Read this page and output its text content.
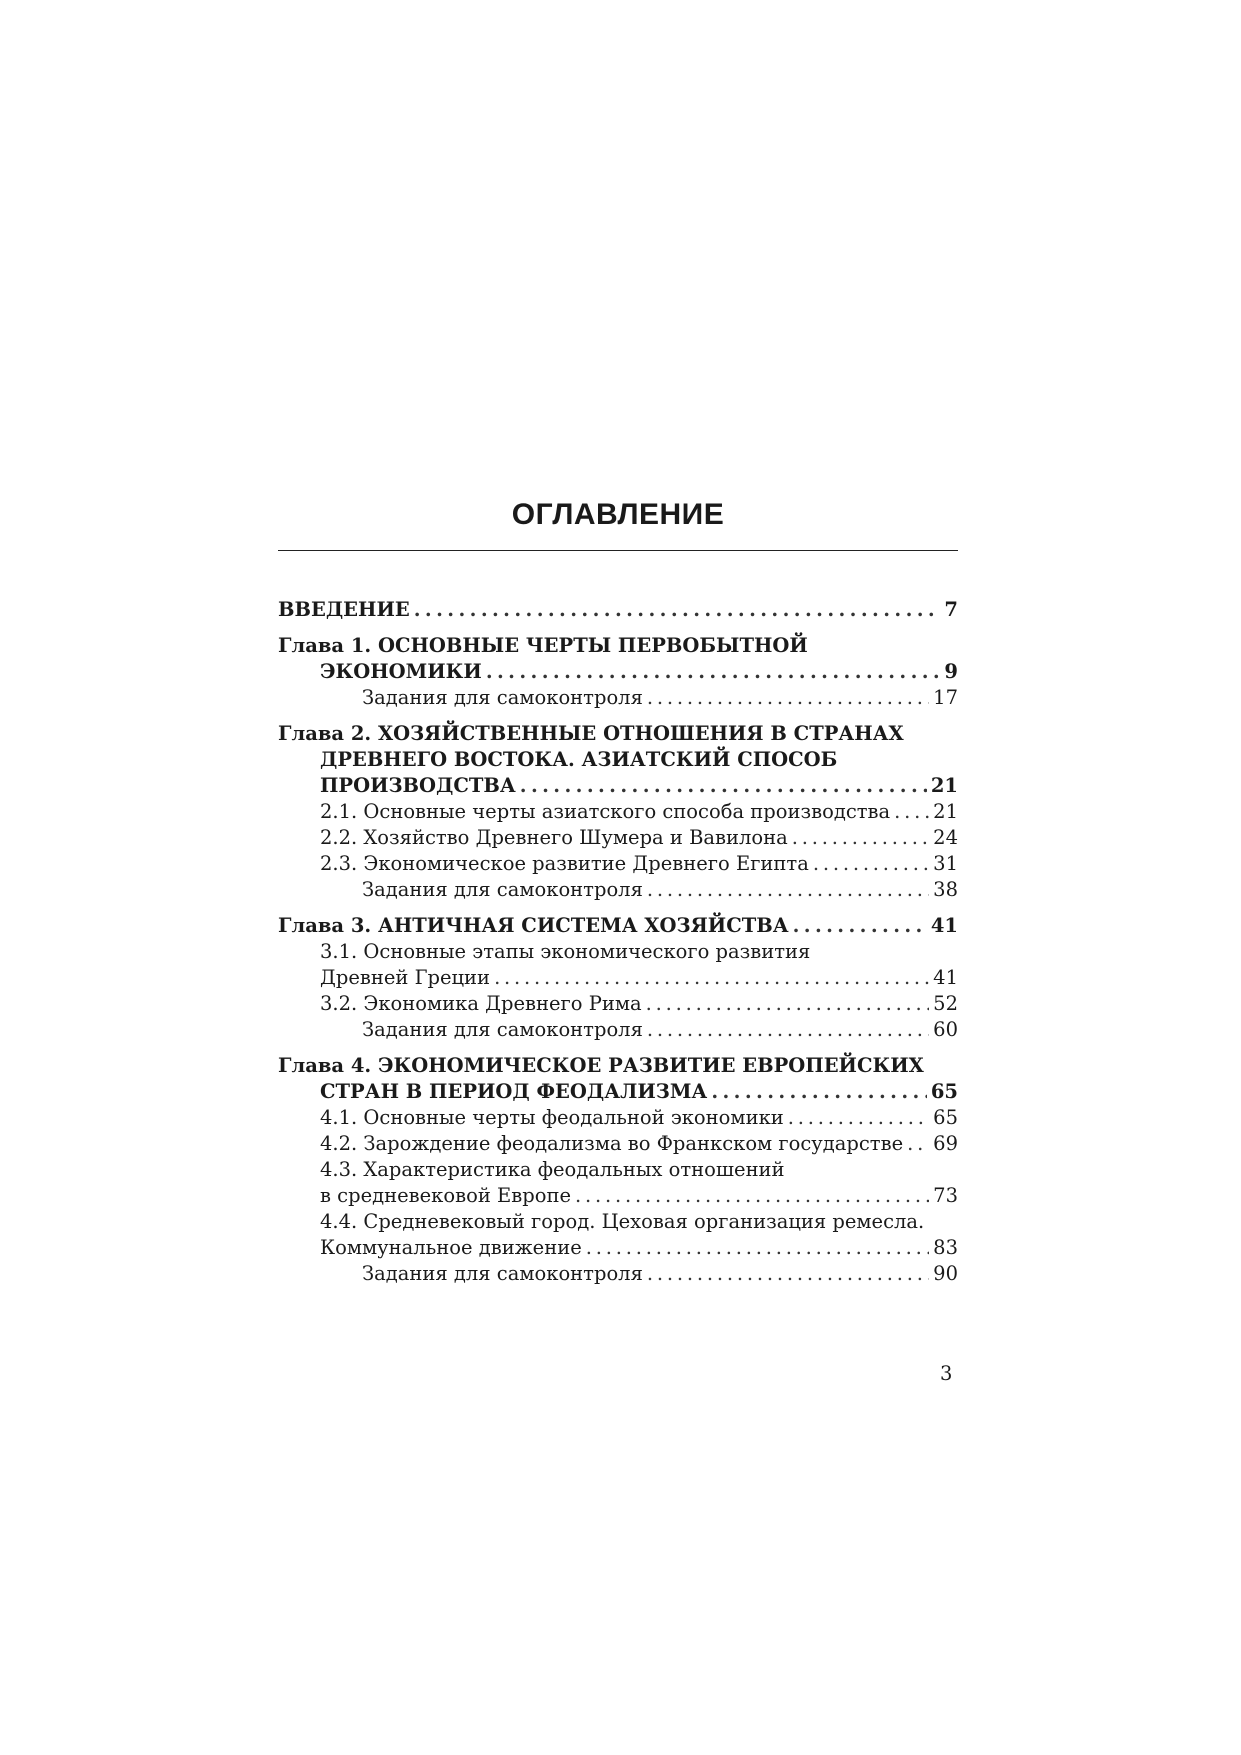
ОГЛАВЛЕНИЕ
ВВЕДЕНИЕ . . .	7
Глава 1. ОСНОВНЫЕ ЧЕРТЫ ПЕРВОБЫТНОЙ
ЭКОНОМИКИ . . .	9
Задания для самоконтроля . . .	17
Глава 2. ХОЗЯЙСТВЕННЫЕ ОТНОШЕНИЯ В СТРАНАХ
ДРЕВНЕГО ВОСТОКА. АЗИАТСКИЙ СПОСОБ
ПРОИЗВОДСТВА . . .	21
2.1. Основные черты азиатского способа производства . . . 21
2.2. Хозяйство Древнего Шумера и Вавилона . . .	24
2.3. Экономическое развитие Древнего Египта . . .	31
Задания для самоконтроля . . .	38
Глава 3. АНТИЧНАЯ СИСТЕМА ХОЗЯЙСТВА . . .	41
3.1. Основные этапы экономического развития
Древней Греции . . .	41
3.2. Экономика Древнего Рима . . .	52
Задания для самоконтроля . . .	60
Глава 4. ЭКОНОМИЧЕСКОЕ РАЗВИТИЕ ЕВРОПЕЙСКИХ
СТРАН В ПЕРИОД ФЕОДАЛИЗМА . . .	65
4.1. Основные черты феодальной экономики . . .	65
4.2. Зарождение феодализма во Франкском государстве . . . 69
4.3. Характеристика феодальных отношений
в средневековой Европе . . .	73
4.4. Средневековый город. Цеховая организация ремесла.
Коммунальное движение . . .	83
Задания для самоконтроля . . .	90
3
